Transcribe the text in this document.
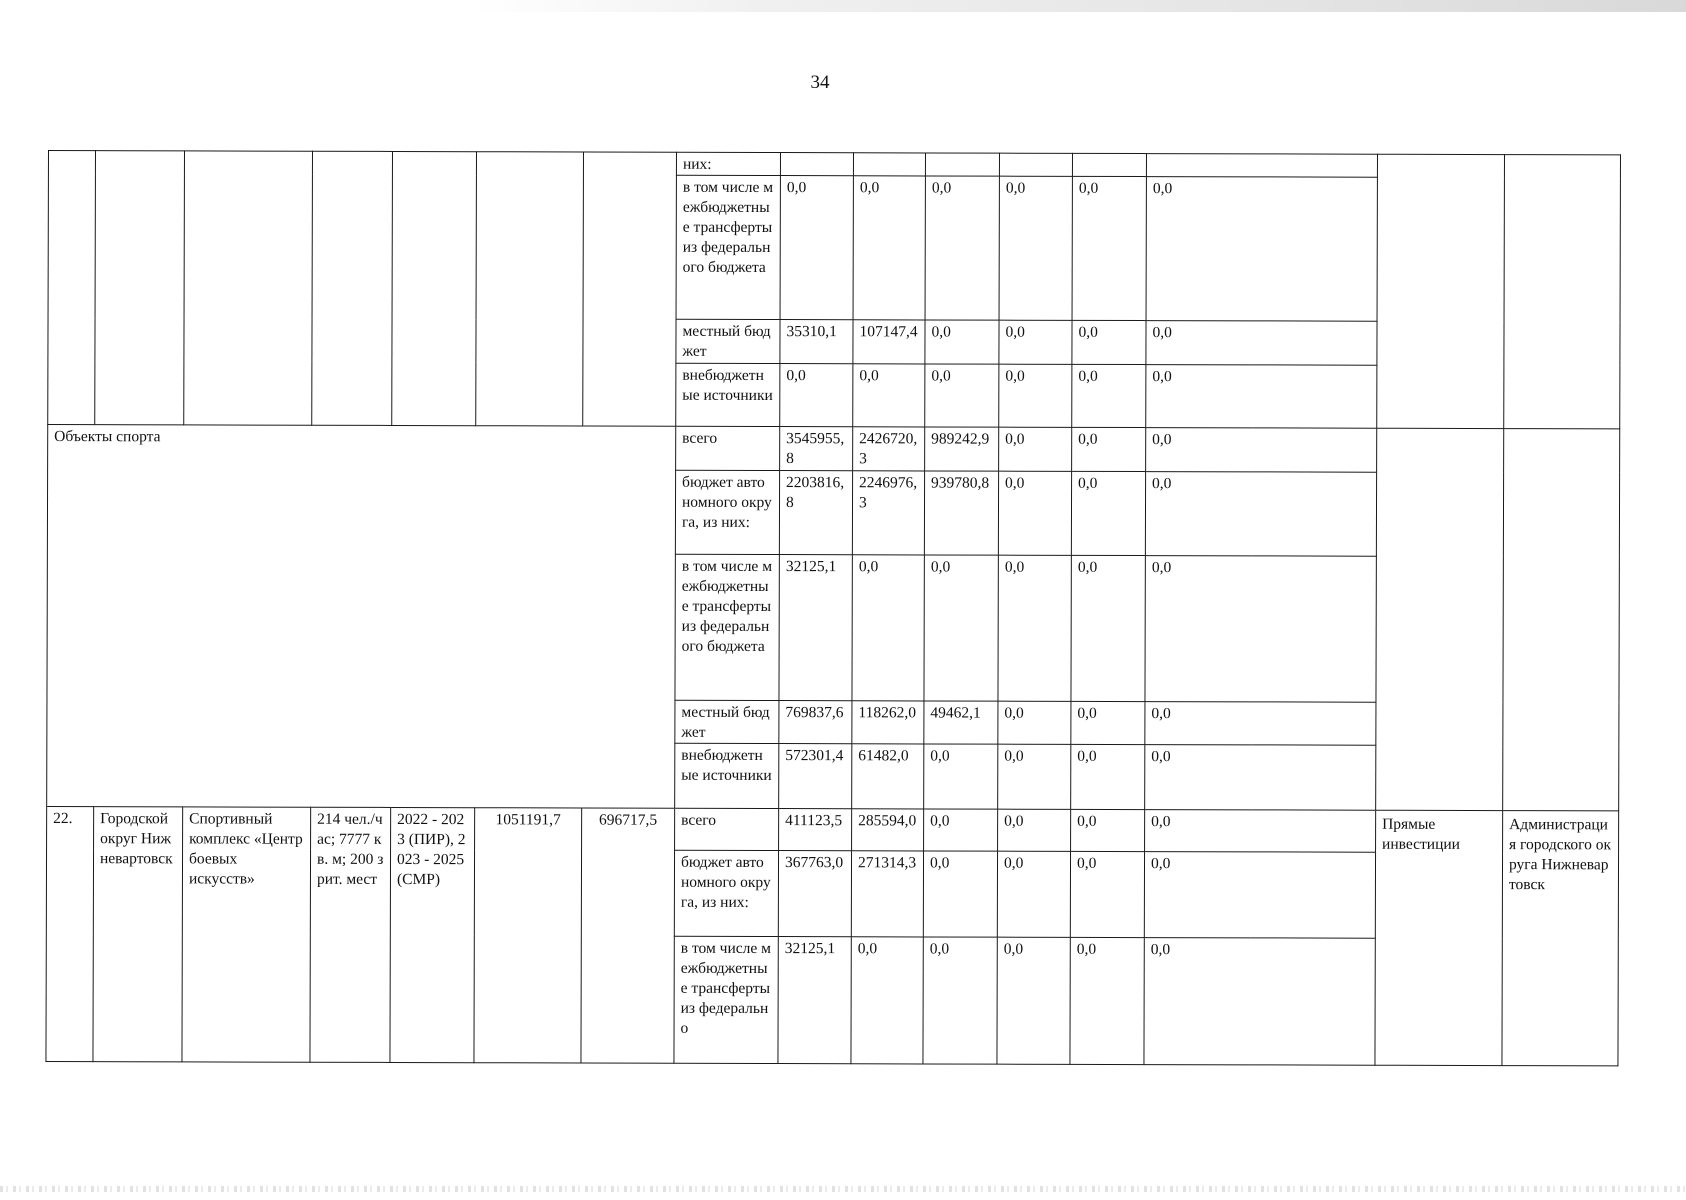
34
							них:								
							в том числе межбюджетные трансферты из федерального бюджета	0,0	0,0	0,0	0,0	0,0	0,0		
							местный бюджет	35310,1	107147,4	0,0	0,0	0,0	0,0		
							внебюджетные источники	0,0	0,0	0,0	0,0	0,0	0,0		
Объекты спорта							всего	3545955,8	2426720,3	989242,9	0,0	0,0	0,0		
							бюджет автономного округа, из них:	2203816,8	2246976,3	939780,8	0,0	0,0	0,0		
							в том числе межбюджетные трансферты из федерального бюджета	32125,1	0,0	0,0	0,0	0,0	0,0		
							местный бюджет	769837,6	118262,0	49462,1	0,0	0,0	0,0		
							внебюджетные источники	572301,4	61482,0	0,0	0,0	0,0	0,0		
22.	Городской округ Нижневартовск	Спортивный комплекс «Центр боевых искусств»	214 чел./час; 7777 кв. м; 200 зрит. мест	2022 - 2023 (ПИР), 2023 - 2025 (СМР)	1051191,7	696717,5	всего	411123,5	285594,0	0,0	0,0	0,0	0,0	Прямые инвестиции	Администрация городского округа Нижневартовск
							бюджет автономного округа, из них:	367763,0	271314,3	0,0	0,0	0,0	0,0		
							в том числе межбюджетные трансферты из федерально	32125,1	0,0	0,0	0,0	0,0	0,0		
